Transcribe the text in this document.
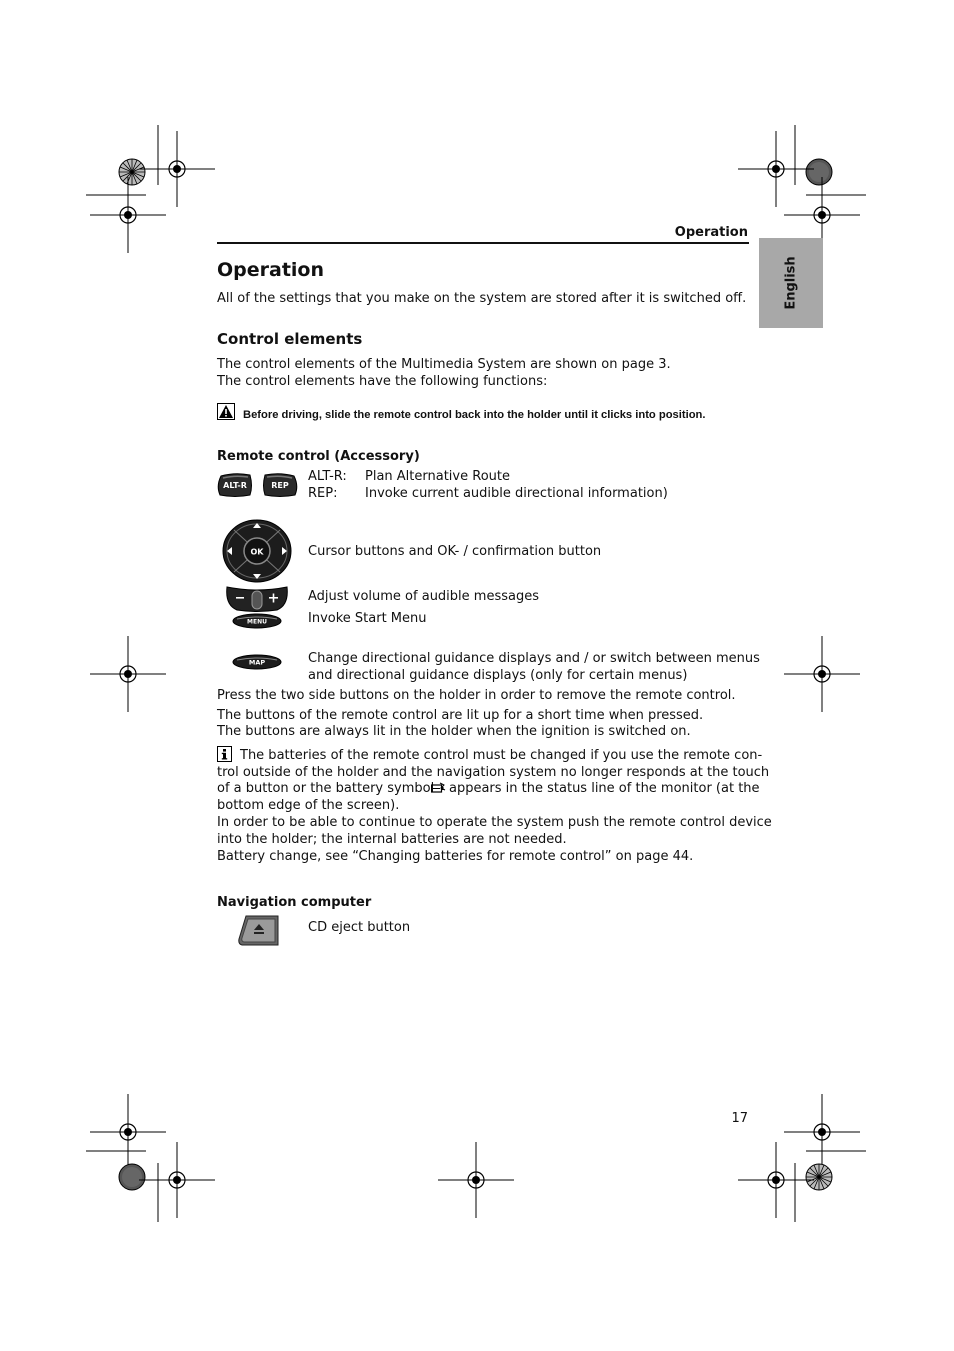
Operation
English
Operation
All of the settings that you make on the system are stored after it is switched off.
Control elements
The control elements of the Multimedia System are shown on page 3.
The control elements have the following functions:
Before driving, slide the remote control back into the holder until it clicks into position.
Remote control (Accessory)
ALT-R	REP
ALT-R: Plan Alternative Route
REP: Invoke current audible directional information)
OK	Cursor buttons and OK- / confirmation button
Adjust volume of audible messages
MENU	Invoke Start Menu
MAP	Change directional guidance displays and / or switch between menus
and directional guidance displays (only for certain menus)
Press the two side buttons on the holder in order to remove the remote control.
The buttons of the remote control are lit up for a short time when pressed.
The buttons are always lit in the holder when the ignition is switched on.
The batteries of the remote control must be changed if you use the remote con-
trol outside of the holder and the navigation system no longer responds at the touch
of a button or the battery symbol appears in the status line of the monitor (at the
bottom edge of the screen).
In order to be able to continue to operate the system push the remote control device
into the holder; the internal batteries are not needed.
Battery change, see “Changing batteries for remote control” on page 44.
Navigation computer
CD eject button
17
